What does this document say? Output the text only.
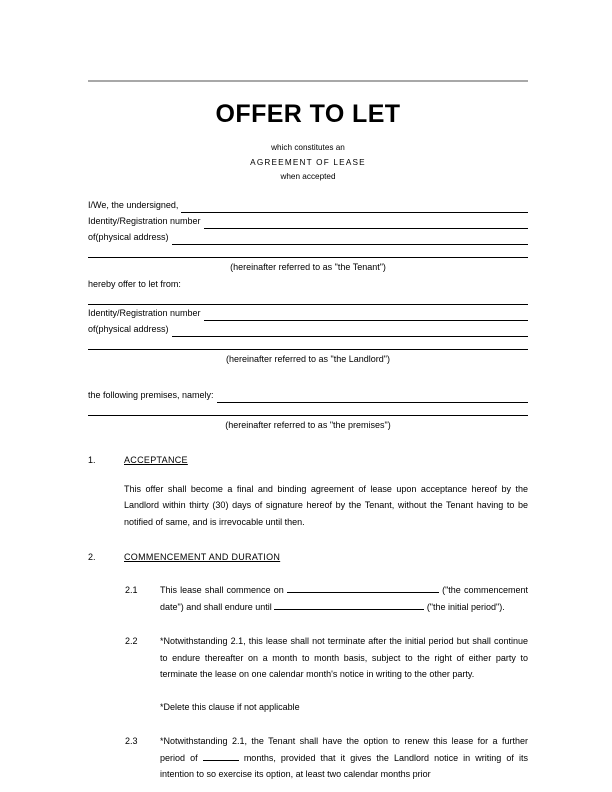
OFFER TO LET
which constitutes an
AGREEMENT OF LEASE
when accepted
I/We, the undersigned,
Identity/Registration number
of(physical address)
(hereinafter referred to as "the Tenant")
hereby offer to let from:
Identity/Registration number
of(physical address)
(hereinafter referred to as "the Landlord")
the following premises, namely:
(hereinafter referred to as "the premises")
1.	ACCEPTANCE
This offer shall become a final and binding agreement of lease upon acceptance hereof by the Landlord within thirty (30) days of signature hereof by the Tenant, without the Tenant having to be notified of same, and is irrevocable until then.
2.	COMMENCEMENT AND DURATION
2.1 This lease shall commence on	("the commencement date") and shall endure until	("the initial period").
2.2 *Notwithstanding 2.1, this lease shall not terminate after the initial period but shall continue to endure thereafter on a month to month basis, subject to the right of either party to terminate the lease on one calendar month's notice in writing to the other party.
*Delete this clause if not applicable
2.3 *Notwithstanding 2.1, the Tenant shall have the option to renew this lease for a further period of	months, provided that it gives the Landlord notice in writing of its intention to so exercise its option, at least two calendar months prior
